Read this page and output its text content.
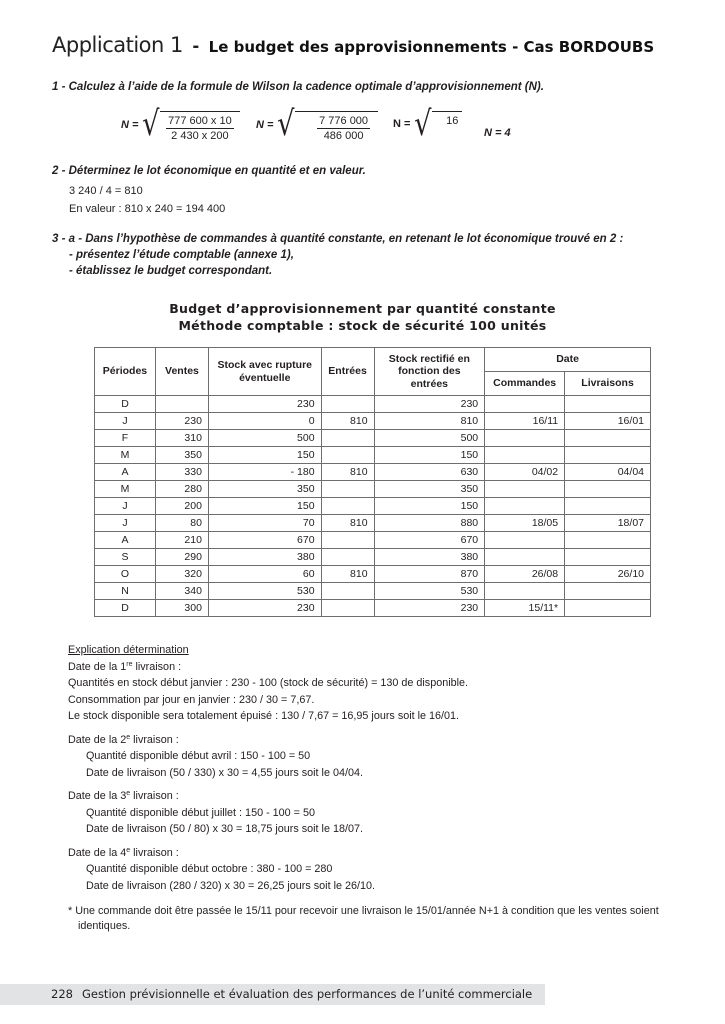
Application 1 - Le budget des approvisionnements - Cas BORDOUBS
1 - Calculez à l’aide de la formule de Wilson la cadence optimale d’approvisionnement (N).
N = √ $\frac{777 600 x 10}{2 430 x 200}$ N = √ $\frac{7 776 000}{486 000}$ N = √ 16
N = 4
2 - Déterminez le lot économique en quantité et en valeur.
3 240 / 4 = 810
En valeur : 810 x 240 = 194 400
3 - a - Dans l’hypothèse de commandes à quantité constante, en retenant le lot économique trouvé en 2 :
- présentez l’étude comptable (annexe 1),
- établissez le budget correspondant.
Budget d’approvisionnement par quantité constante
Méthode comptable : stock de sécurité 100 unités
Périodes	Ventes	Stock avec rupture éventuelle	Entrées	Stock rectifié en fonction des entrées	Date	
					Commandes	Livraisons
D		230		230		
J	230	0	810	810	16/11	16/01
F	310	500		500		
M	350	150		150		
A	330	- 180	810	630	04/02	04/04
M	280	350		350		
J	200	150		150		
J	80	70	810	880	18/05	18/07
A	210	670		670		
S	290	380		380		
O	320	60	810	870	26/08	26/10
N	340	530		530		
D	300	230		230	15/11*	
Explication détermination
Date de la 1re livraison :
Quantités en stock début janvier : 230 - 100 (stock de sécurité) = 130 de disponible.
Consommation par jour en janvier : 230 / 30 = 7,67.
Le stock disponible sera totalement épuisé : 130 / 7,67 = 16,95 jours soit le 16/01.
Date de la 2e livraison :
Quantité disponible début avril : 150 - 100 = 50
Date de livraison (50 / 330) x 30 = 4,55 jours soit le 04/04.
Date de la 3e livraison :
Quantité disponible début juillet : 150 - 100 = 50
Date de livraison (50 / 80) x 30 = 18,75 jours soit le 18/07.
Date de la 4e livraison :
Quantité disponible début octobre : 380 - 100 = 280
Date de livraison (280 / 320) x 30 = 26,25 jours soit le 26/10.
* Une commande doit être passée le 15/11 pour recevoir une livraison le 15/01/année N+1 à condition que les ventes soient identiques.
228 Gestion prévisionnelle et évaluation des performances de l’unité commerciale
